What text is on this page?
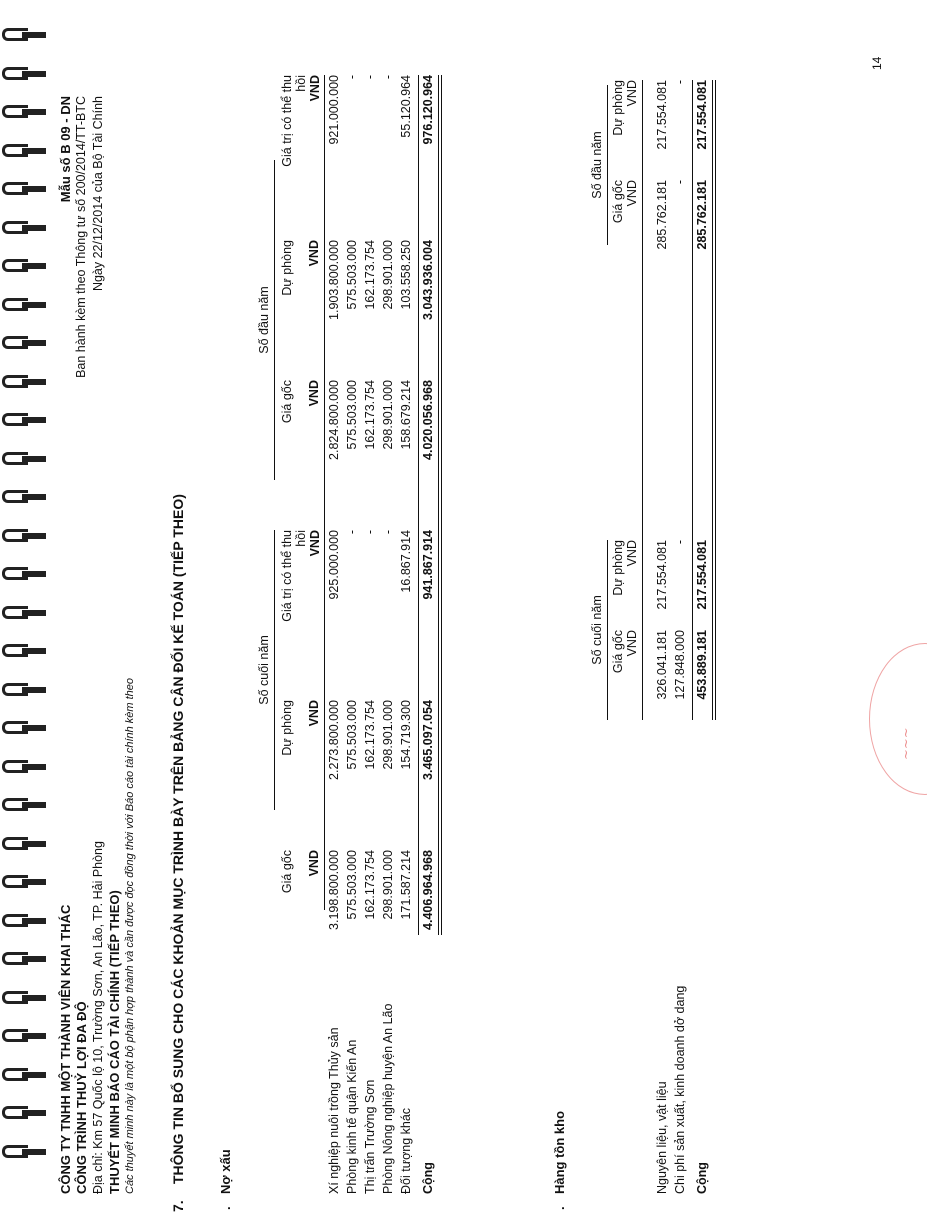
CÔNG TY TNHH MỘT THÀNH VIÊN KHAI THÁC CÔNG TRÌNH THUỶ LỢI ĐA ĐỘ Địa chỉ: Km 57 Quốc lộ 10, Trường Sơn, An Lão, TP. Hải Phòng THUYẾT MINH BÁO CÁO TÀI CHÍNH (TIẾP THEO) Các thuyết minh này là một bộ phận hợp thành và cần được đọc đồng thời với Báo cáo tài chính kèm theo
Mẫu số B 09 - DN Ban hành kèm theo Thông tư số 200/2014/TT-BTC Ngày 22/12/2014 của Bộ Tài Chính
7.
THÔNG TIN BỔ SUNG CHO CÁC KHOẢN MỤC TRÌNH BÀY TRÊN BẢNG CÂN ĐỐI KẾ TOÁN (TIẾP THEO)
.
Nợ xấu
Số cuối năm
Số đầu năm
Giá gốc VND
Dự phòng VND
Giá trị có thể thu hồi VND
Giá gốc VND
Dự phòng VND
Giá trị có thể thu hồi VND
Xí nghiệp nuôi trồng Thủy sản
3.198.800.000
2.273.800.000
925.000.000
2.824.800.000
1.903.800.000
921.000.000
Phòng kinh tế quận Kiến An
575.503.000
575.503.000
-
575.503.000
575.503.000
-
Thị trấn Trường Sơn
162.173.754
162.173.754
-
162.173.754
162.173.754
-
Phòng Nông nghiệp huyện An Lão
298.901.000
298.901.000
-
298.901.000
298.901.000
-
Đối tượng khác
171.587.214
154.719.300
16.867.914
158.679.214
103.558.250
55.120.964
Cộng
4.406.964.968
3.465.097.054
941.867.914
4.020.056.968
3.043.936.004
976.120.964
.
Hàng tồn kho
Số cuối năm
Số đầu năm
Giá gốc VND
Dự phòng VND
Giá gốc VND
Dự phòng VND
Nguyên liệu, vật liệu
326.041.181
217.554.081
285.762.181
217.554.081
Chi phí sản xuất, kinh doanh dở dang
127.848.000
-
-
-
Cộng
453.889.181
217.554.081
285.762.181
217.554.081
14
~~~
